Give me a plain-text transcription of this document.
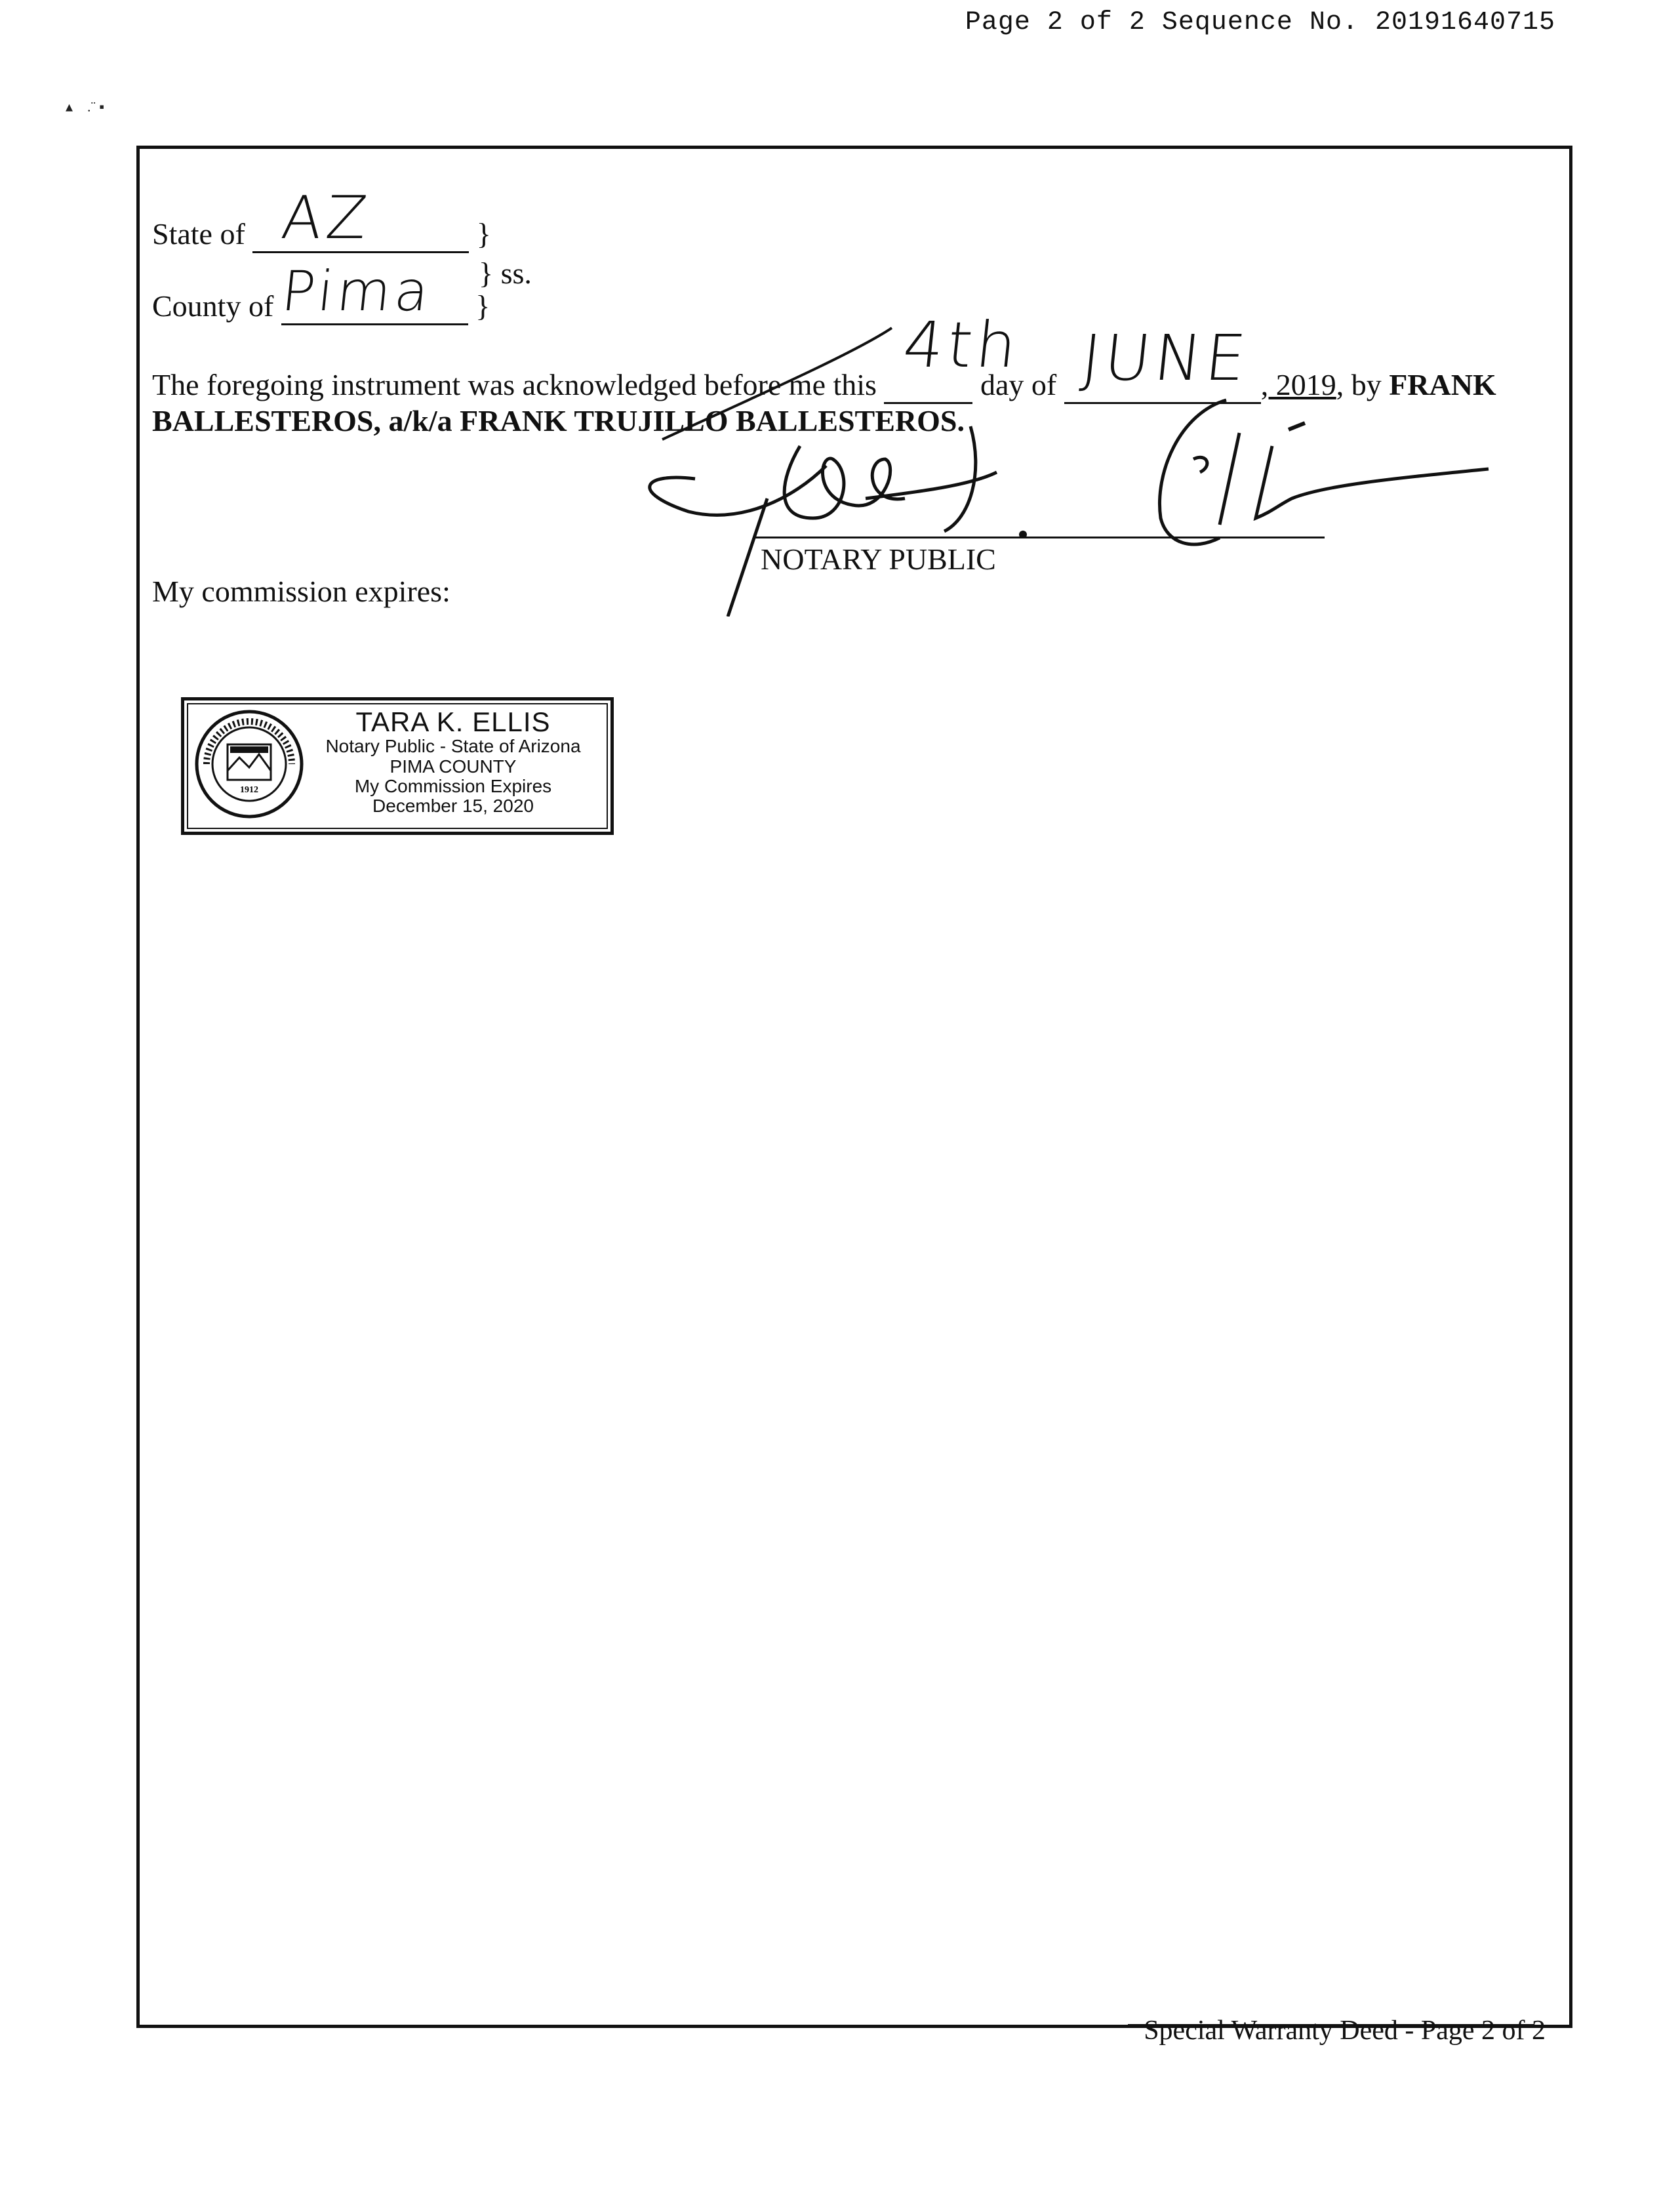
Page 2 of 2 Sequence No. 20191640715
▴    .¨ ▪
State of	}
AZ
} ss.
County of	}
Pima
The foregoing instrument was acknowledged before me this	day of	, 2019, by FRANK
4th JUNE
BALLESTEROS, a/k/a FRANK TRUJILLO BALLESTEROS.
NOTARY PUBLIC
My commission expires:
1912
TARA K. ELLIS
Notary Public - State of Arizona
PIMA COUNTY
My Commission Expires
December 15, 2020
Special Warranty Deed - Page 2 of 2
